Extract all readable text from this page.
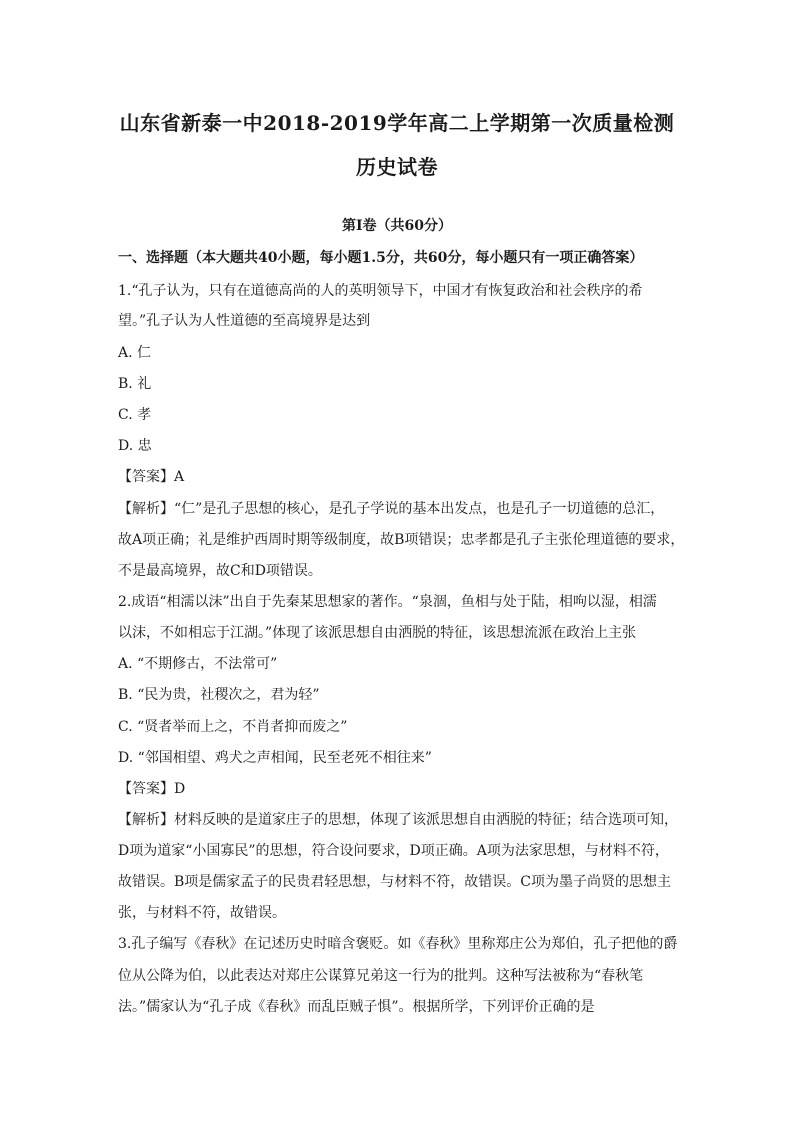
山东省新泰一中2018-2019学年高二上学期第一次质量检测
历史试卷
第I卷（共60分）
一、选择题（本大题共40小题，每小题1.5分，共60分，每小题只有一项正确答案）
1.“孔子认为，只有在道德高尚的人的英明领导下，中国才有恢复政治和社会秩序的希
望。”孔子认为人性道德的至高境界是达到
A. 仁
B. 礼
C. 孝
D. 忠
【答案】A
【解析】“仁”是孔子思想的核心，是孔子学说的基本出发点，也是孔子一切道德的总汇，
故A项正确；礼是维护西周时期等级制度，故B项错误；忠孝都是孔子主张伦理道德的要求，
不是最高境界，故C和D项错误。
2.成语“相濡以沫”出自于先秦某思想家的著作。“泉涸，鱼相与处于陆，相呴以湿，相濡
以沫，不如相忘于江湖。”体现了该派思想自由洒脱的特征，该思想流派在政治上主张
A. “不期修古，不法常可”
B. “民为贵，社稷次之，君为轻”
C. “贤者举而上之，不肖者抑而废之”
D. “邻国相望、鸡犬之声相闻，民至老死不相往来”
【答案】D
【解析】材料反映的是道家庄子的思想，体现了该派思想自由洒脱的特征；结合选项可知，
D项为道家“小国寡民”的思想，符合设问要求，D项正确。A项为法家思想，与材料不符，
故错误。B项是儒家孟子的民贵君轻思想，与材料不符，故错误。C项为墨子尚贤的思想主
张，与材料不符，故错误。
3.孔子编写《春秋》在记述历史时暗含褒贬。如《春秋》里称郑庄公为郑伯，孔子把他的爵
位从公降为伯，以此表达对郑庄公谋算兄弟这一行为的批判。这种写法被称为“春秋笔
法。”儒家认为“孔子成《春秋》而乱臣贼子惧”。根据所学，下列评价正确的是
